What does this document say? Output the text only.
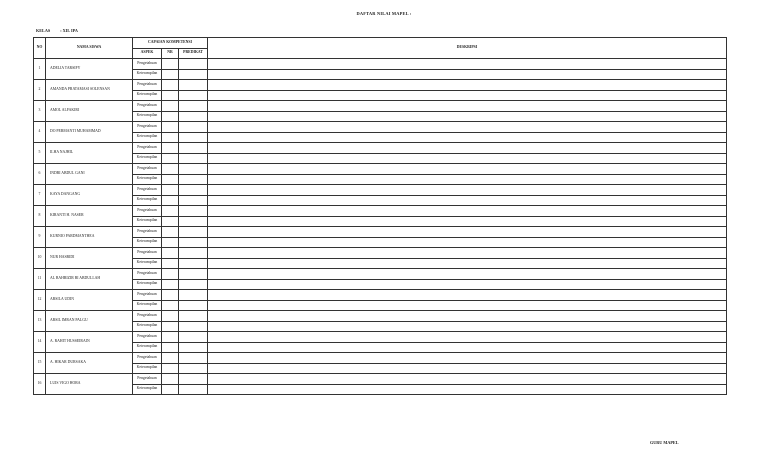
DAFTAR NILAI MAPEL :
KELAS : XII. IPA
NO	NAMA SISWA	CAPAIAN KOMPETENSI			DESKRIPSI
		ASPEK	NR	PREDIKAT	
1	ADELIA TARSIFY	Pengetahuan			
		Keterampilan			
2	AMANDA PRATAMASI SOLENSAN	Pengetahuan			
		Keterampilan			
3	AMOL ALFAKIRI	Pengetahuan			
		Keterampilan			
4	DO PERMANTI MUHAMMAD	Pengetahuan			
		Keterampilan			
5	ILHA NAJHIL	Pengetahuan			
		Keterampilan			
6	INDRI ABDUL GANI	Pengetahuan			
		Keterampilan			
7	KAYA DANGANG	Pengetahuan			
		Keterampilan			
8	KIRANTI H. NASER	Pengetahuan			
		Keterampilan			
9	KURNIO PARDMANTHEA	Pengetahuan			
		Keterampilan			
10	NUR HASBIDI	Pengetahuan			
		Keterampilan			
11	AL BAHRIZIR BI ABDULLAH	Pengetahuan			
		Keterampilan			
12	ARSILA UDIN	Pengetahuan			
		Keterampilan			
13	ARSIL IMRAN PALGU	Pengetahuan			
		Keterampilan			
14	A. RAHIT HUSSEIRAIN	Pengetahuan			
		Keterampilan			
15	A. HIKAR DURSAKA	Pengetahuan			
		Keterampilan			
16	LUIS VIGO HORA	Pengetahuan			
		Keterampilan			
GURU MAPEL
